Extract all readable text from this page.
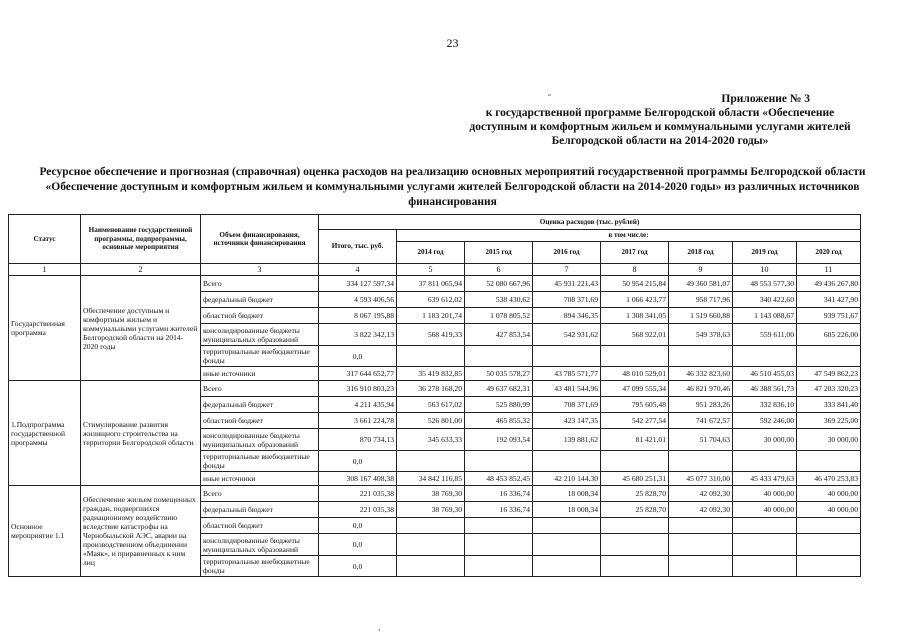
23
˝	Приложение № 3
к государственной программе Белгородской области «Обеспечение
доступным и комфортным жильем и коммунальными услугами жителей
Белгородской области на 2014-2020 годы»
Ресурсное обеспечение и прогнозная (справочная) оценка расходов на реализацию основных мероприятий государственной программы Белгородской области
«Обеспечение доступным и комфортным жильем и коммунальными услугами жителей Белгородской области на 2014-2020 годы» из различных источников
финансирования
Статус	Наименование государственной программы, подпрограммы, основные мероприятия	Объем финансирования, источники финансирования	Оценка расходов (тыс. рублей)							
			Итого, тыс. руб.	в том числе:						
				2014 год	2015 год	2016 год	2017 год	2018 год	2019 год	2020 год
1	2	3	4	5	6	7	8	9	10	11
Государственная программа	Обеспечение доступным и комфортным жильем и коммунальными услугами жителей Белгородской области на 2014-2020 годы	Всего	334 127 597,34	37 811 065,94	52 080 667,96	45 931 221,43	50 954 215,84	49 360 581,07	48 553 577,30	49 436 267,80
		федеральный бюджет	4 593 406,56	639 612,02	538 430,62	708 371,69	1 066 423,77	958 717,96	340 422,60	341 427,90
		областной бюджет	8 067 195,88	1 183 201,74	1 078 805,52	894 346,35	1 308 341,05	1 519 660,88	1 143 088,67	939 751,67
		консолидированные бюджеты муниципальных образований	3 822 342,13	568 419,33	427 853,54	542 931,62	568 922,01	549 378,63	559 611,00	605 226,00
		территориальные внебюджетные фонды	0,0							
		иные источники	317 644 652,77	35 419 832,85	50 035 578,27	43 785 571,77	48 010 529,01	46 332 823,60	46 510 455,03	47 549 862,23
1.Подпрограмма государственной программы	Стимулирование развития жилищного строительства на территории Белгородской области	Всего	316 910 803,23	36 278 168,20	49 637 682,31	43 481 544,96	47 099 555,34	46 821 970,46	46 388 561,73	47 203 320,23
		федеральный бюджет	4 211 435,94	563 617,02	525 880,99	708 371,69	795 605,48	951 283,26	332 836,10	333 841,40
		областной бюджет	3 661 224,78	526 801,00	465 855,32	423 147,35	542 277,54	741 672,57	592 246,00	369 225,00
		консолидированные бюджеты муниципальных образований	870 734,13	345 633,33	192 093,54	139 881,62	81 421,01	51 704,63	30 000,00	30 000,00
		территориальные внебюджетные фонды	0,0							
		иные источники	308 167 408,38	34 842 116,85	48 453 852,45	42 210 144,30	45 680 251,31	45 077 310,00	45 433 479,63	46 470 253,83
Основное мероприятие 1.1	Обеспечение жильем помещенных граждан, подвергшихся радиационному воздействию вследствие катастрофы на Чернобыльской АЭС, аварии на производственном объединении «Маяк», и приравненных к ним лиц	Всего	221 035,38	38 769,30	16 336,74	18 008,34	25 828,70	42 092,30	40 000,00	40 000,00
		федеральный бюджет	221 035,38	38 769,30	16 336,74	18 008,34	25 828,70	42 092,30	40 000,00	40 000,00
		областной бюджет	0,0							
		консолидированные бюджеты муниципальных образований	0,0							
		территориальные внебюджетные фонды	0,0							
·
